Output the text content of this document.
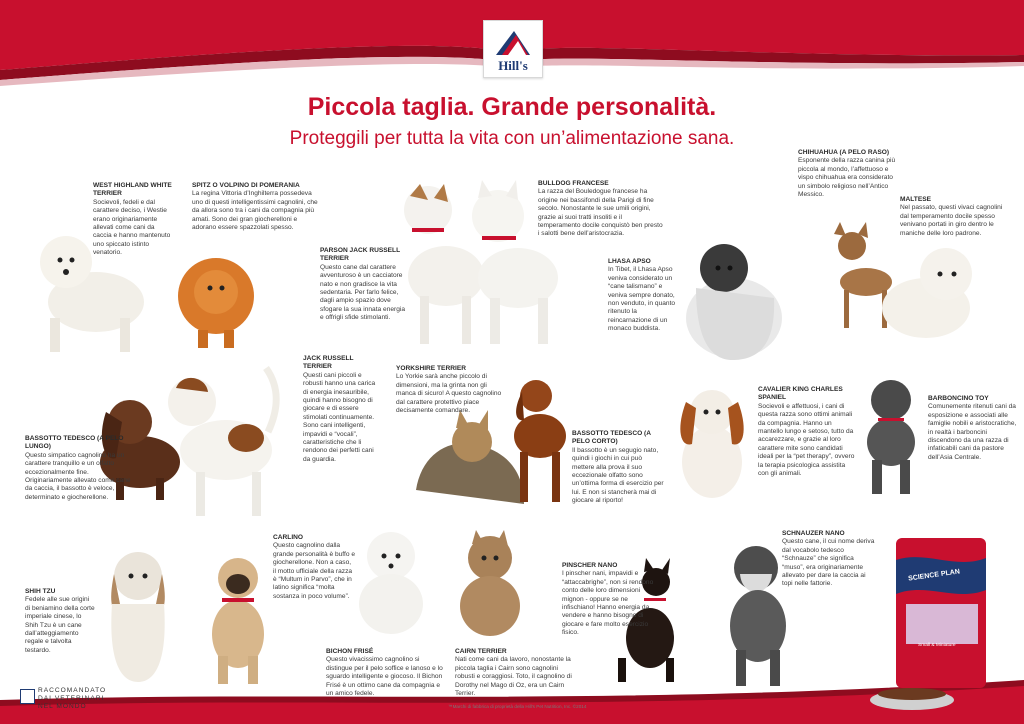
Hill's
Piccola taglia. Grande personalità.
Proteggili per tutta la vita con un’alimentazione sana.
SCIENCE PLAN
Small & Miniature
WEST HIGHLAND WHITE TERRIER
Socievoli, fedeli e dal carattere deciso, i Westie erano originariamente allevati come cani da caccia e hanno mantenuto uno spiccato istinto venatorio.
SPITZ O VOLPINO DI POMERANIA
La regina Vittoria d’Inghilterra possedeva uno di questi intelligentissimi cagnolini, che da allora sono tra i cani da compagnia più amati. Sono dei gran giocherelloni e adorano essere spazzolati spesso.
PARSON JACK RUSSELL TERRIER
Questo cane dal carattere avventuroso è un cacciatore nato e non gradisce la vita sedentaria. Per farlo felice, dagli ampio spazio dove sfogare la sua innata energia e offrigli sfide stimolanti.
BULLDOG FRANCESE
La razza del Bouledogue francese ha origine nei bassifondi della Parigi di fine secolo. Nonostante le sue umili origini, grazie ai suoi tratti insoliti e il temperamento docile conquistò ben presto i salotti bene dell’aristocrazia.
CHIHUAHUA (A PELO RASO)
Esponente della razza canina più piccola al mondo, l’affettuoso e vispo chihuahua era considerato un simbolo religioso nell’Antico Messico.
MALTESE
Nel passato, questi vivaci cagnolini dal temperamento docile spesso venivano portati in giro dentro le maniche delle loro padrone.
LHASA APSO
In Tibet, il Lhasa Apso veniva considerato un “cane talismano” e veniva sempre donato, non venduto, in quanto ritenuto la reincarnazione di un monaco buddista.
JACK RUSSELL TERRIER
Questi cani piccoli e robusti hanno una carica di energia inesauribile, quindi hanno bisogno di giocare e di essere stimolati continuamente. Sono cani intelligenti, impavidi e “vocali”, caratteristiche che li rendono dei perfetti cani da guardia.
YORKSHIRE TERRIER
Lo Yorkie sarà anche piccolo di dimensioni, ma la grinta non gli manca di sicuro! A questo cagnolino dal carattere protettivo piace decisamente comandare.
BASSOTTO TEDESCO (A PELO LUNGO)
Questo simpatico cagnolino ha un carattere tranquillo e un olfatto eccezionalmente fine. Originariamente allevato come cane da caccia, il bassotto è veloce, determinato e giocherellone.
BASSOTTO TEDESCO (A PELO CORTO)
Il bassotto è un segugio nato, quindi i giochi in cui può mettere alla prova il suo eccezionale olfatto sono un’ottima forma di esercizio per lui. E non si stancherà mai di giocare al riporto!
CAVALIER KING CHARLES SPANIEL
Socievoli e affettuosi, i cani di questa razza sono ottimi animali da compagnia. Hanno un mantello lungo e setoso, tutto da accarezzare, e grazie al loro carattere mite sono candidati ideali per la “pet therapy”, ovvero la terapia psicologica assistita con gli animali.
BARBONCINO TOY
Comunemente ritenuti cani da esposizione e associati alle famiglie nobili e aristocratiche, in realtà i barboncini discendono da una razza di infaticabili cani da pastore dell’Asia Centrale.
CARLINO
Questo cagnolino dalla grande personalità è buffo e giocherellone. Non a caso, il motto ufficiale della razza è “Multum in Parvo”, che in latino significa “molta sostanza in poco volume”.
SCHNAUZER NANO
Questo cane, il cui nome deriva dal vocabolo tedesco “Schnauze” che significa “muso”, era originariamente allevato per dare la caccia ai topi nelle fattorie.
PINSCHER NANO
I pinscher nani, impavidi e “attaccabrighe”, non si rendono conto delle loro dimensioni mignon - oppure se ne infischiano! Hanno energia da vendere e hanno bisogno di giocare e fare molto esercizio fisico.
SHIH TZU
Fedele alle sue origini di beniamino della corte imperiale cinese, lo Shih Tzu è un cane dall’atteggiamento regale e talvolta testardo.	BICHON FRISÉ
Questo vivacissimo cagnolino si distingue per il pelo soffice e lanoso e lo sguardo intelligente e giocoso. Il Bichon Frisé è un ottimo cane da compagnia e un amico fedele.
CAIRN TERRIER
Nati come cani da lavoro, nonostante la piccola taglia i Cairn sono cagnolini robusti e coraggiosi. Toto, il cagnolino di Dorothy nel Mago di Oz, era un Cairn Terrier.
RACCOMANDATO
DAI VETERINARI
NEL MONDO	™Marchi di fabbrica di proprietà della Hill’s Pet Nutrition, Inc. ©2014
